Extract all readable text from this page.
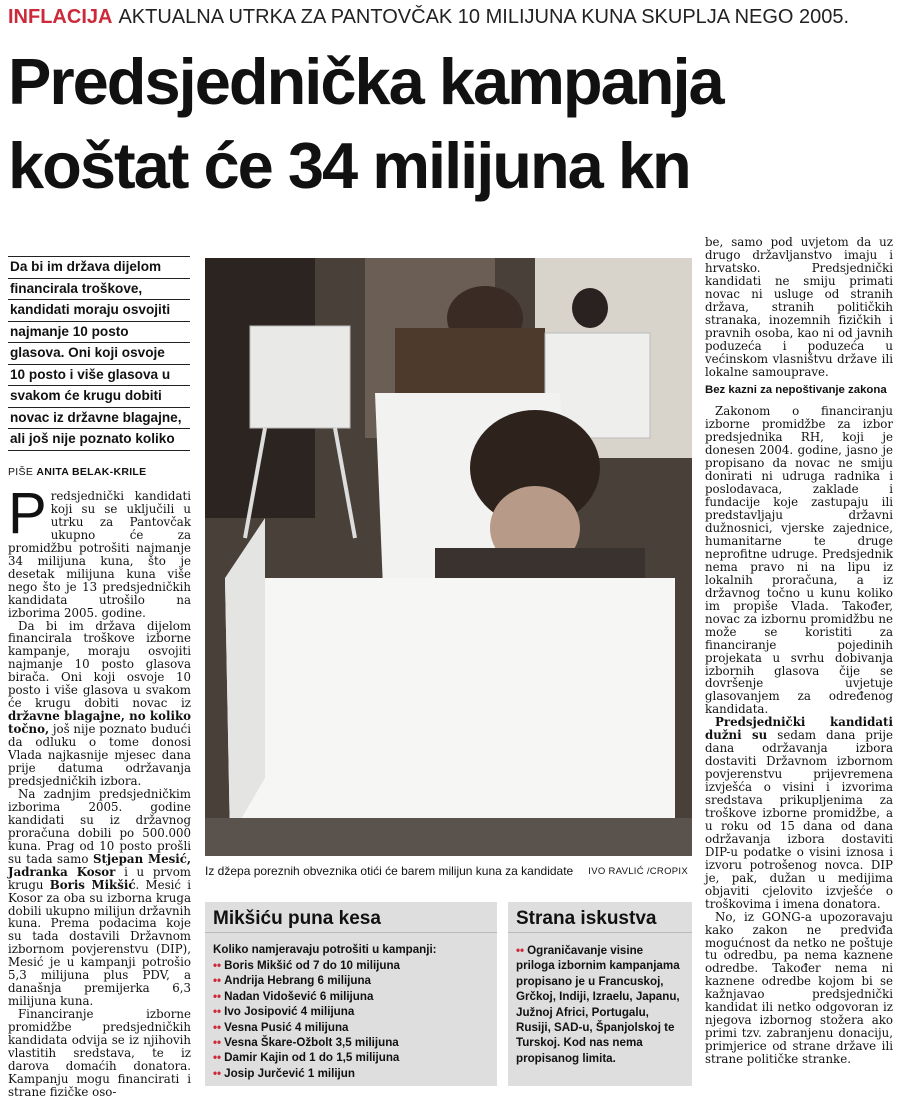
INFLACIJA AKTUALNA UTRKA ZA PANTOVČAK 10 MILIJUNA KUNA SKUPLJA NEGO 2005.
Predsjednička kampanja
koštat će 34 milijuna kn
Da bi im država dijelom
financirala troškove,
kandidati moraju osvojiti
najmanje 10 posto
glasova. Oni koji osvoje
10 posto i više glasova u
svakom će krugu dobiti
novac iz državne blagajne,
ali još nije poznato koliko
PIŠE ANITA BELAK-KRILE

Predsjednički kandidati koji su se uključili u utrku za Pantovčak ukupno će za promidžbu potrošiti najmanje 34 milijuna kuna, što je desetak milijuna kuna više nego što je 13 predsjedničkih kandidata utrošilo na izborima 2005. godine.

Da bi im država dijelom financirala troškove izborne kampanje, moraju osvojiti najmanje 10 posto glasova birača. Oni koji osvoje 10 posto i više glasova u svakom će krugu dobiti novac iz državne blagajne, no koliko točno, još nije poznato budući da odluku o tome donosi Vlada najkasnije mjesec dana prije datuma održavanja predsjedničkih izbora.

Na zadnjim predsjedničkim izborima 2005. godine kandidati su iz državnog proračuna dobili po 500.000 kuna. Prag od 10 posto prošli su tada samo Stjepan Mesić, Jadranka Kosor i u prvom krugu Boris Mikšić. Mesić i Kosor za oba su izborna kruga dobili ukupno milijun državnih kuna. Prema podacima koje su tada dostavili Državnom izbornom povjerenstvu (DIP), Mesić je u kampanji potrošio 5,3 milijuna plus PDV, a današnja premijerka 6,3 milijuna kuna.

Financiranje izborne promidžbe predsjedničkih kandidata odvija se iz njihovih vlastitih sredstava, te iz darova domaćih donatora. Kampanju mogu financirati i strane fizičke oso-

Iz džepa poreznih obveznika otići će barem milijun kuna za kandidate IVO RAVLIĆ /CROPIX

be, samo pod uvjetom da uz drugo državljanstvo imaju i hrvatsko. Predsjednički kandidati ne smiju primati novac ni usluge od stranih država, stranih političkih stranaka, inozemnih fizičkih i pravnih osoba, kao ni od javnih poduzeća i poduzeća u većinskom vlasništvu države ili lokalne samouprave.

Bez kazni za nepoštivanje zakona

Zakonom o financiranju izborne promidžbe za izbor predsjednika RH, koji je donesen 2004. godine, jasno je propisano da novac ne smiju donirati ni udruga radnika i poslodavaca, zaklade i fundacije koje zastupaju ili predstavljaju državni dužnosnici, vjerske zajednice, humanitarne te druge neprofitne udruge. Predsjednik nema pravo ni na lipu iz lokalnih proračuna, a iz državnog točno u kunu koliko im propiše Vlada. Također, novac za izbornu promidžbu ne može se koristiti za financiranje pojedinih projekata u svrhu dobivanja izbornih glasova čije se dovršenje uvjetuje glasovanjem za određenog kandidata.

Predsjednički kandidati dužni su sedam dana prije dana održavanja izbora dostaviti Državnom izbornom povjerenstvu prijevremena izvješća o visini i izvorima sredstava prikupljenima za troškove izborne promidžbe, a u roku od 15 dana od dana održavanja izbora dostaviti DIP-u podatke o visini iznosa i izvoru potrošenog novca. DIP je, pak, dužan u medijima objaviti cjelovito izvješće o troškovima i imena donatora.

No, iz GONG-a upozoravaju kako zakon ne predviđa mogućnost da netko ne poštuje tu odredbu, pa nema kaznene odredbe. Također nema ni kaznene odredbe kojom bi se kažnjavao predsjednički kandidat ili netko odgovoran iz njegova izbornog stožera ako primi tzv. zabranjenu donaciju, primjerice od strane države ili strane političke stranke.

Mikšiću puna kesa
Koliko namjeravaju potrošiti u kampanji:
•• Boris Mikšić od 7 do 10 milijuna
•• Andrija Hebrang 6 milijuna
•• Nadan Vidošević 6 milijuna
•• Ivo Josipović 4 milijuna
•• Vesna Pusić 4 milijuna
•• Vesna Škare-Ožbolt 3,5 milijuna
•• Damir Kajin od 1 do 1,5 milijuna
•• Josip Jurčević 1 milijun
Strana iskustva
•• Ograničavanje visine priloga izbornim kampanjama propisano je u Francuskoj, Grčkoj, Indiji, Izraelu, Japanu, Južnoj Africi, Portugalu, Rusiji, SAD-u, Španjolskoj te Turskoj. Kod nas nema propisanog limita.
